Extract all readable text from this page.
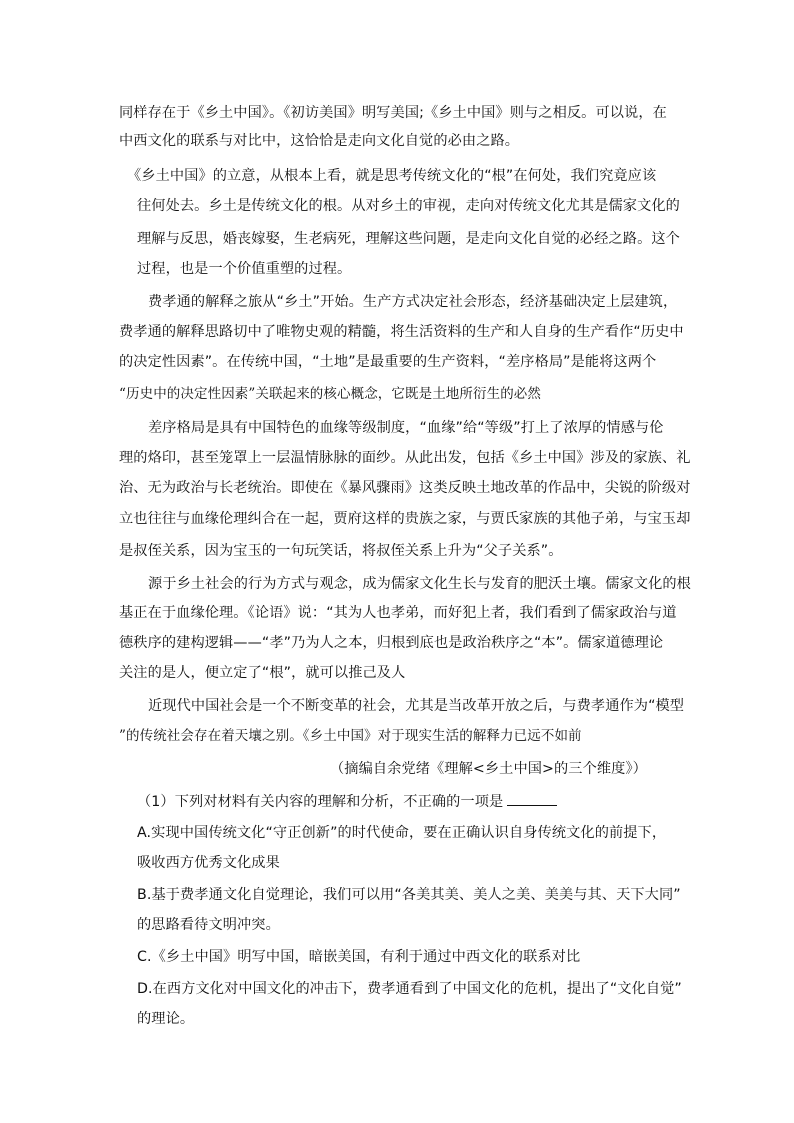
同样存在于《乡土中国》。《初访美国》明写美国;《乡土中国》则与之相反。可以说，在
中西文化的联系与对比中，这恰恰是走向文化自觉的必由之路。
《乡土中国》的立意，从根本上看，就是思考传统文化的“根”在何处，我们究竟应该
往何处去。乡土是传统文化的根。从对乡土的审视，走向对传统文化尤其是儒家文化的
理解与反思，婚丧嫁娶，生老病死，理解这些问题，是走向文化自觉的必经之路。这个
过程，也是一个价值重塑的过程。
费孝通的解释之旅从“乡土”开始。生产方式决定社会形态，经济基础决定上层建筑，
费孝通的解释思路切中了唯物史观的精髓，将生活资料的生产和人自身的生产看作“历史中
的决定性因素”。在传统中国，“土地”是最重要的生产资料，“差序格局”是能将这两个
“历史中的决定性因素”关联起来的核心概念，它既是土地所衍生的必然
差序格局是具有中国特色的血缘等级制度，“血缘”给“等级”打上了浓厚的情感与伦
理的烙印，甚至笼罩上一层温情脉脉的面纱。从此出发，包括《乡土中国》涉及的家族、礼
治、无为政治与长老统治。即使在《暴风骤雨》这类反映土地改革的作品中，尖锐的阶级对
立也往往与血缘伦理纠合在一起，贾府这样的贵族之家，与贾氏家族的其他子弟，与宝玉却
是叔侄关系，因为宝玉的一句玩笑话，将叔侄关系上升为“父子关系”。
源于乡土社会的行为方式与观念，成为儒家文化生长与发育的肥沃土壤。儒家文化的根
基正在于血缘伦理。《论语》说：“其为人也孝弟，而好犯上者，我们看到了儒家政治与道
德秩序的建构逻辑——“孝”乃为人之本，归根到底也是政治秩序之“本”。儒家道德理论
关注的是人，便立定了“根”，就可以推己及人
近现代中国社会是一个不断变革的社会，尤其是当改革开放之后，与费孝通作为“模型
”的传统社会存在着天壤之别。《乡土中国》对于现实生活的解释力已远不如前
（摘编自余党绪《理解<乡土中国>的三个维度》）
（1）下列对材料有关内容的理解和分析，不正确的一项是
A.实现中国传统文化“守正创新”的时代使命，要在正确认识自身传统文化的前提下，
吸收西方优秀文化成果
B.基于费孝通文化自觉理论，我们可以用“各美其美、美人之美、美美与其、天下大同”
的思路看待文明冲突。
C.《乡土中国》明写中国，暗嵌美国，有利于通过中西文化的联系对比
D.在西方文化对中国文化的冲击下，费孝通看到了中国文化的危机，提出了“文化自觉”
的理论。
